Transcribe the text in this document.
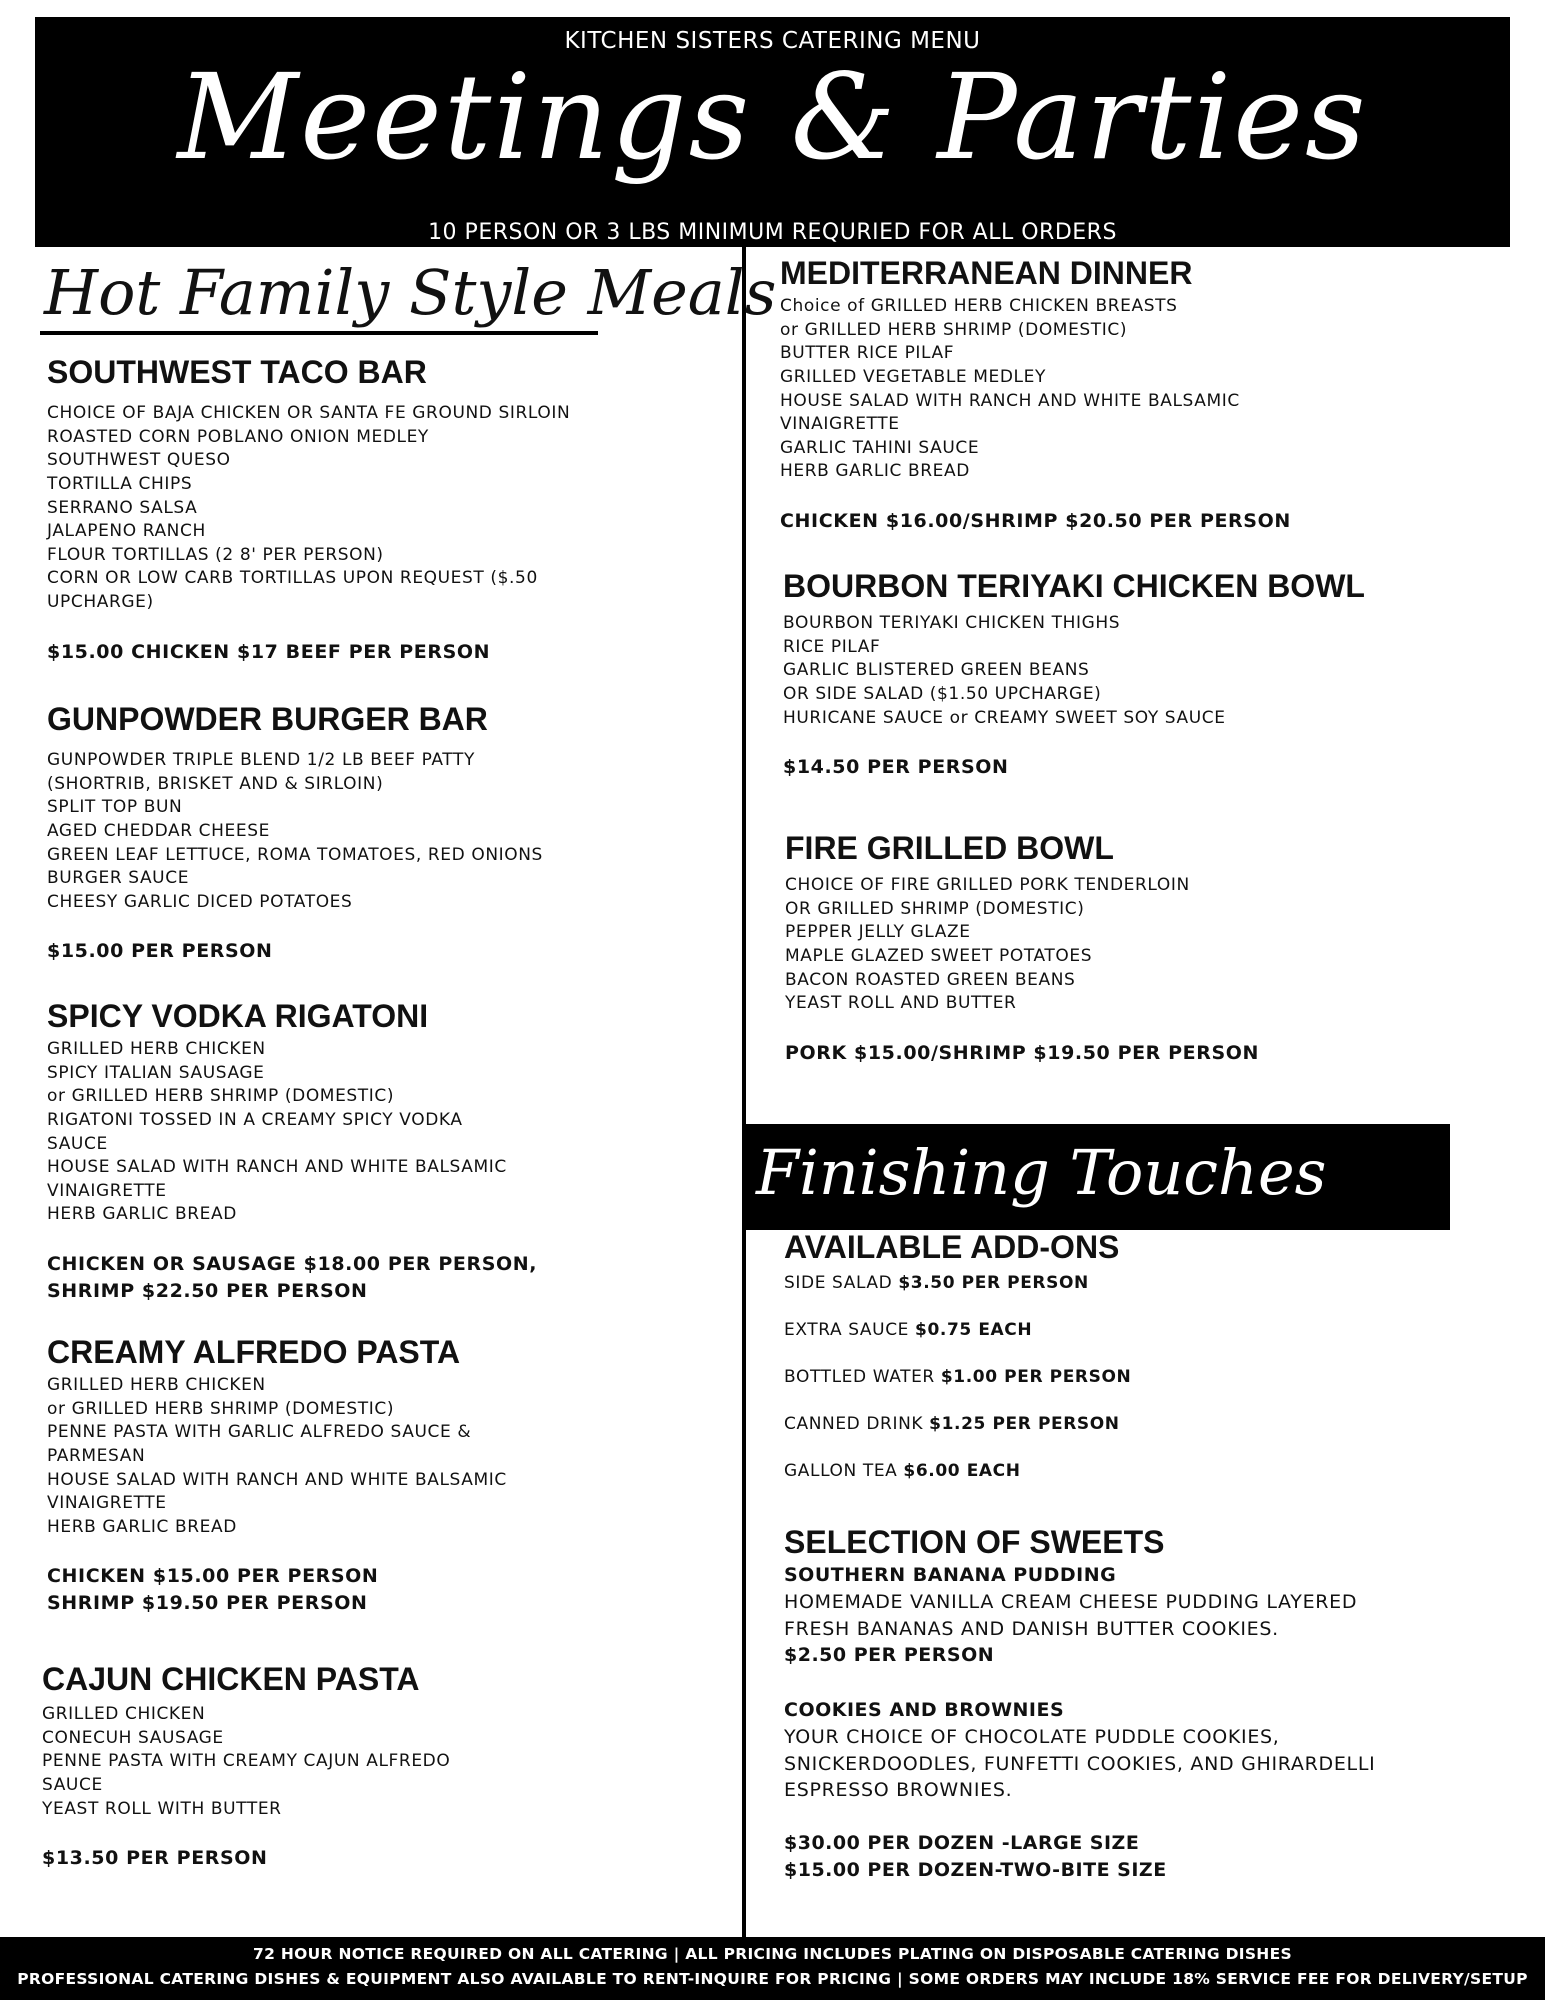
KITCHEN SISTERS CATERING MENU
Meetings & Parties
10 PERSON OR 3 LBS MINIMUM REQURIED FOR ALL ORDERS
Hot Family Style Meals
SOUTHWEST TACO BAR
CHOICE OF BAJA CHICKEN OR SANTA FE GROUND SIRLOIN
ROASTED CORN POBLANO ONION MEDLEY
SOUTHWEST QUESO
TORTILLA CHIPS
SERRANO SALSA
JALAPENO RANCH
FLOUR TORTILLAS (2 8' PER PERSON)
CORN OR LOW CARB TORTILLAS UPON REQUEST ($.50
UPCHARGE)
$15.00 CHICKEN $17 BEEF PER PERSON
GUNPOWDER BURGER BAR
GUNPOWDER TRIPLE BLEND 1/2 LB BEEF PATTY
(SHORTRIB, BRISKET AND & SIRLOIN)
SPLIT TOP BUN
AGED CHEDDAR CHEESE
GREEN LEAF LETTUCE, ROMA TOMATOES, RED ONIONS
BURGER SAUCE
CHEESY GARLIC DICED POTATOES
$15.00 PER PERSON
SPICY VODKA RIGATONI
GRILLED HERB CHICKEN
SPICY ITALIAN SAUSAGE
or GRILLED HERB SHRIMP (DOMESTIC)
RIGATONI TOSSED IN A CREAMY SPICY VODKA
SAUCE
HOUSE SALAD WITH RANCH AND WHITE BALSAMIC
VINAIGRETTE
HERB GARLIC BREAD
CHICKEN OR SAUSAGE $18.00 PER PERSON,
SHRIMP $22.50 PER PERSON
CREAMY ALFREDO PASTA
GRILLED HERB CHICKEN
or GRILLED HERB SHRIMP (DOMESTIC)
PENNE PASTA WITH GARLIC ALFREDO SAUCE &
PARMESAN
HOUSE SALAD WITH RANCH AND WHITE BALSAMIC
VINAIGRETTE
HERB GARLIC BREAD
CHICKEN $15.00 PER PERSON
SHRIMP $19.50 PER PERSON
CAJUN CHICKEN PASTA
GRILLED CHICKEN
CONECUH SAUSAGE
PENNE PASTA WITH CREAMY CAJUN ALFREDO
SAUCE
YEAST ROLL WITH BUTTER
$13.50 PER PERSON
MEDITERRANEAN DINNER
Choice of GRILLED HERB CHICKEN BREASTS
or GRILLED HERB SHRIMP (DOMESTIC)
BUTTER RICE PILAF
GRILLED VEGETABLE MEDLEY
HOUSE SALAD WITH RANCH AND WHITE BALSAMIC
VINAIGRETTE
GARLIC TAHINI SAUCE
HERB GARLIC BREAD
CHICKEN $16.00/SHRIMP $20.50 PER PERSON
BOURBON TERIYAKI CHICKEN BOWL
BOURBON TERIYAKI CHICKEN THIGHS
RICE PILAF
GARLIC BLISTERED GREEN BEANS
OR SIDE SALAD ($1.50 UPCHARGE)
HURICANE SAUCE or CREAMY SWEET SOY SAUCE
$14.50 PER PERSON
FIRE GRILLED BOWL
CHOICE OF FIRE GRILLED PORK TENDERLOIN
OR GRILLED SHRIMP (DOMESTIC)
PEPPER JELLY GLAZE
MAPLE GLAZED SWEET POTATOES
BACON ROASTED GREEN BEANS
YEAST ROLL AND BUTTER
PORK $15.00/SHRIMP $19.50 PER PERSON
Finishing Touches
AVAILABLE ADD-ONS
SIDE SALAD $3.50 PER PERSON
EXTRA SAUCE $0.75 EACH
BOTTLED WATER $1.00 PER PERSON
CANNED DRINK $1.25 PER PERSON
GALLON TEA $6.00 EACH
SELECTION OF SWEETS
SOUTHERN BANANA PUDDING
HOMEMADE VANILLA CREAM CHEESE PUDDING LAYERED
FRESH BANANAS AND DANISH BUTTER COOKIES.
$2.50 PER PERSON
COOKIES AND BROWNIES
YOUR CHOICE OF CHOCOLATE PUDDLE COOKIES,
SNICKERDOODLES, FUNFETTI COOKIES, AND GHIRARDELLI
ESPRESSO BROWNIES.
$30.00 PER DOZEN -LARGE SIZE
$15.00 PER DOZEN-TWO-BITE SIZE
72 HOUR NOTICE REQUIRED ON ALL CATERING | ALL PRICING INCLUDES PLATING ON DISPOSABLE CATERING DISHES
PROFESSIONAL CATERING DISHES & EQUIPMENT ALSO AVAILABLE TO RENT-INQUIRE FOR PRICING | SOME ORDERS MAY INCLUDE 18% SERVICE FEE FOR DELIVERY/SETUP
